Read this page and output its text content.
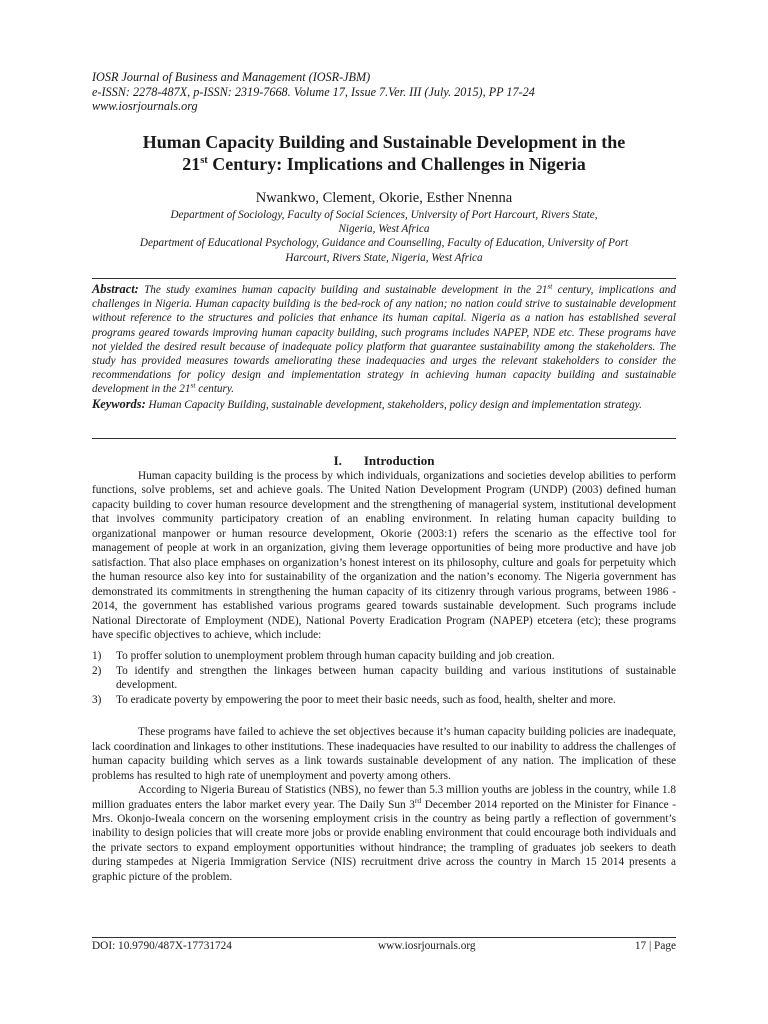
IOSR Journal of Business and Management (IOSR-JBM)
e-ISSN: 2278-487X, p-ISSN: 2319-7668. Volume 17, Issue 7.Ver. III (July. 2015), PP 17-24
www.iosrjournals.org
Human Capacity Building and Sustainable Development in the
21st Century: Implications and Challenges in Nigeria
Nwankwo, Clement, Okorie, Esther Nnenna
Department of Sociology, Faculty of Social Sciences, University of Port Harcourt, Rivers State,
Nigeria, West Africa
Department of Educational Psychology, Guidance and Counselling, Faculty of Education, University of Port
Harcourt, Rivers State, Nigeria, West Africa
Abstract: The study examines human capacity building and sustainable development in the 21st century, implications and challenges in Nigeria. Human capacity building is the bed-rock of any nation; no nation could strive to sustainable development without reference to the structures and policies that enhance its human capital. Nigeria as a nation has established several programs geared towards improving human capacity building, such programs includes NAPEP, NDE etc. These programs have not yielded the desired result because of inadequate policy platform that guarantee sustainability among the stakeholders. The study has provided measures towards ameliorating these inadequacies and urges the relevant stakeholders to consider the recommendations for policy design and implementation strategy in achieving human capacity building and sustainable development in the 21st century.
Keywords: Human Capacity Building, sustainable development, stakeholders, policy design and implementation strategy.
I. Introduction

Human capacity building is the process by which individuals, organizations and societies develop abilities to perform functions, solve problems, set and achieve goals. The United Nation Development Program (UNDP) (2003) defined human capacity building to cover human resource development and the strengthening of managerial system, institutional development that involves community participatory creation of an enabling environment. In relating human capacity building to organizational manpower or human resource development, Okorie (2003:1) refers the scenario as the effective tool for management of people at work in an organization, giving them leverage opportunities of being more productive and have job satisfaction. That also place emphases on organization’s honest interest on its philosophy, culture and goals for perpetuity which the human resource also key into for sustainability of the organization and the nation’s economy. The Nigeria government has demonstrated its commitments in strengthening the human capacity of its citizenry through various programs, between 1986 - 2014, the government has established various programs geared towards sustainable development. Such programs include National Directorate of Employment (NDE), National Poverty Eradication Program (NAPEP) etcetera (etc); these programs have specific objectives to achieve, which include:

1) To proffer solution to unemployment problem through human capacity building and job creation.
2) To identify and strengthen the linkages between human capacity building and various institutions of sustainable development.
3) To eradicate poverty by empowering the poor to meet their basic needs, such as food, health, shelter and more.

These programs have failed to achieve the set objectives because it’s human capacity building policies are inadequate, lack coordination and linkages to other institutions. These inadequacies have resulted to our inability to address the challenges of human capacity building which serves as a link towards sustainable development of any nation. The implication of these problems has resulted to high rate of unemployment and poverty among others.

According to Nigeria Bureau of Statistics (NBS), no fewer than 5.3 million youths are jobless in the country, while 1.8 million graduates enters the labor market every year. The Daily Sun 3rd December 2014 reported on the Minister for Finance - Mrs. Okonjo-Iweala concern on the worsening employment crisis in the country as being partly a reflection of government’s inability to design policies that will create more jobs or provide enabling environment that could encourage both individuals and the private sectors to expand employment opportunities without hindrance; the trampling of graduates job seekers to death during stampedes at Nigeria Immigration Service (NIS) recruitment drive across the country in March 15 2014 presents a graphic picture of the problem.

DOI: 10.9790/487X-17731724	www.iosrjournals.org	17 | Page
